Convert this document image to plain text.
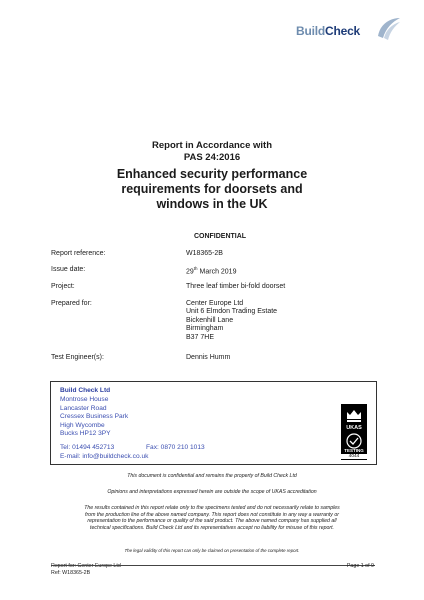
BuildCheck
Report in Accordance with
PAS 24:2016
Enhanced security performance
requirements for doorsets and
windows in the UK
CONFIDENTIAL
Report reference:	W18365-2B
Issue date:	29th March 2019
Project:	Three leaf timber bi-fold doorset
Prepared for:	Center Europe Ltd
Unit 6 Elmdon Trading Estate
Bickenhill Lane
Birmingham
B37 7HE
Test Engineer(s):	Dennis Humm
Build Check Ltd
Montrose House
Lancaster Road
Cressex Business Park
High Wycombe
Bucks HP12 3PY
Tel: 01494 452713	Fax: 0870 210 1013
E-mail: info@buildcheck.co.uk
UKAS
TESTING
4044
This document is confidential and remains the property of Build Check Ltd
Opinions and interpretations expressed herein are outside the scope of UKAS accreditation
The results contained in this report relate only to the specimens tested and do not necessarily relate to samples
from the production line of the above named company. This report does not constitute in any way a warranty or
representation to the performance or quality of the said product. The above named company has supplied all
technical specifications. Build Check Ltd and its representatives accept no liability for misuse of this report.
The legal validity of this report can only be claimed on presentation of the complete report.
Report for: Center Europe Ltd
Ref: W18365-2B
Page 1 of 9
